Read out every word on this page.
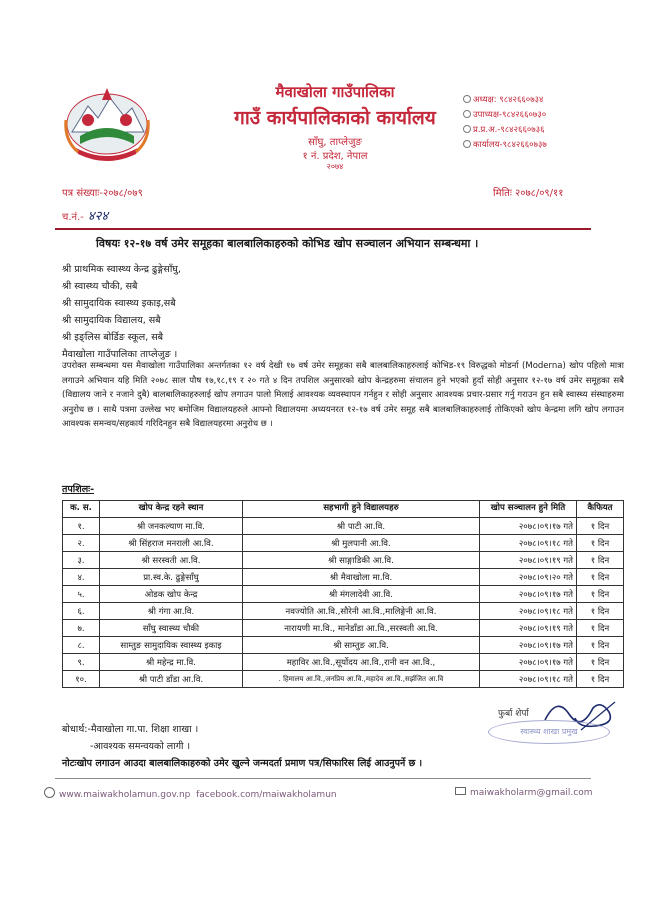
मैवाखोला गाउँपालिका
गाउँ कार्यपालिकाको कार्यालय
साँघु, ताप्लेजुङ
१ नं. प्रदेश, नेपाल
२०७४
अध्यक्ष: ९८४२६६०७३४
उपाध्यक्ष-९८४२६६०७३०
प्र.प्र.अ.-९८४२६६०७३६
कार्यालय-९८४२६६०७३७
पत्र संख्याः-२०७८/०७९	मितिः २०७८/०९/११
च.नं.- ४२४
विषयः १२-१७ वर्ष उमेर समूहका बालबालिकाहरुको कोभिड खोप सञ्चालन अभियान सम्बन्धमा ।
श्री प्राथमिक स्वास्थ्य केन्द्र ढुङ्गेसाँघु,
श्री स्वास्थ्य चौकी, सबै
श्री सामुदायिक स्वास्थ्य इकाइ,सबै
श्री सामुदायिक विद्यालय, सबै
श्री इङ्लिस बोर्डिङ स्कूल, सबै
मैवाखोला गाउँपालिका ताप्लेजुङ ।
उपरोक्त सम्बन्धमा यस मैवाखोला गाउँपालिका अन्तर्गतका १२ वर्ष देखी १७ वर्ष उमेर समूहका सबै बालबालिकाहरुलाई कोभिड-१९ विरुद्धको मोडर्ना (Moderna) खोप पहिलो मात्रा लगाउने अभियान यहि मिति २०७८ साल पौष १७,१८,१९ र २० गते ४ दिन तपशिल अनुसारको खोप केन्द्रहरुमा संचालन हुने भएको हुदाँ सोही अनुसार १२-१७ वर्ष उमेर समूहका सबै (विद्यालय जाने र नजाने दुबै) बालबालिकाहरुलाई खोप लगाउन पालो मिलाई आवश्यक व्यवस्थापन गर्नहुन र सोही अनुसार आवश्यक प्रचार-प्रसार गर्नु गराउन हुन सबै स्वास्थ्य संस्थाहरुमा अनुरोध छ । साथै पत्रमा उल्लेख भए बमोजिम विद्यालयहरुले आफ्नो विद्यालयमा अध्ययनरत १२-१७ वर्ष उमेर समूह सबै बालबालिकाहरुलाई तोकिएको खोप केन्द्रमा लगि खोप लगाउन आवश्यक समन्वय/सहकार्य गरिदिनहुन सबै विद्यालयहरमा अनुरोध छ ।
तपशिलः-
क. स.	खोप केन्द्र रहने स्थान	सहभागी हुने विद्यालयहरु	खोप सञ्चालन हुने मिति	कैफियत
१.	श्री जनकल्याण मा.वि.	श्री पाटी आ.वि.	२०७८।०९।१७ गते	१ दिन
२.	श्री सिंहराज मनराली आ.वि.	श्री मुलपानी आ.वि.	२०७८।०९।१८ गते	१ दिन
३.	श्री सरस्वती आ.वि.	श्री साङ्गाडिकी आ.वि.	२०७८।०९।१९ गते	१ दिन
४.	प्रा.स्व.के. ढुङ्गेसाँघु	श्री मैवाखोला मा.वि.	२०७८।०९।२० गते	१ दिन
५.	ओडक खोप केन्द्र	श्री मंगलादेवी आ.वि.	२०७८।०९।१७ गते	१ दिन
६.	श्री गंगा आ.वि.	नवज्योति आ.वि.,सौरेनी आ.वि.,मालिङ्गेनी आ.वि.	२०७८।०९।१८ गते	१ दिन
७.	साँघु स्वास्थ्य चौकी	नारायणी मा.वि., मानेडाँडा आ.वि.,सरस्वती आ.वि.	२०७८।०९।१९ गते	१ दिन
८.	साम्तुङ सामुदायिक स्वास्थ्य इकाइ	श्री साम्तुङ आ.वि.	२०७८।०९।१७ गते	१ दिन
९.	श्री महेन्द्र मा.वि.	महाविर आ.वि.,सूर्योदय आ.वि.,रानी वन आ.वि.,	२०७८।०९।१७ गते	१ दिन
१०.	श्री पाटी डाँडा आ.वि.	. हिमालय आ.वि.,जनप्रिय आ.वि.,महादेव आ.वि.,सर्झजित आ.वि	२०७८।०९।१८ गते	१ दिन
फुर्बा शेर्पा
स्वास्थ्य शाखा प्रमुख
बोधार्थ:-मैवाखोला गा.पा. शिक्षा शाखा ।
-आवश्यक समन्वयको लागी ।
नोटःखोप लगाउन आउदा बालबालिकाहरुको उमेर खुल्ने जन्मदर्ता प्रमाण पत्र/सिफारिस लिई आउनुपर्ने छ ।
www.maiwakholamun.gov.np facebook.com/maiwakholamun	maiwakholarm@gmail.com
